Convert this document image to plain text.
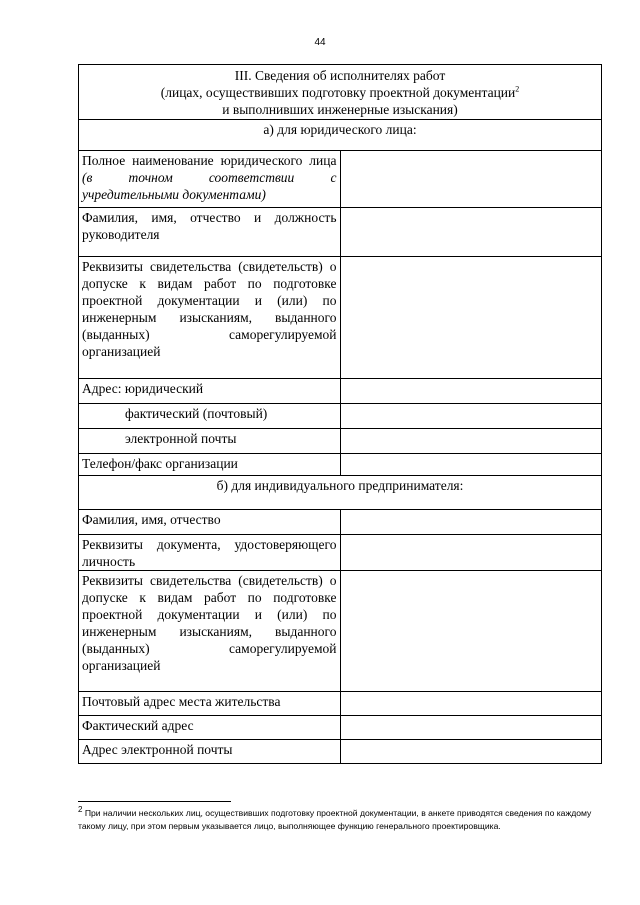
44
III. Сведения об исполнителях работ
(лицах, осуществивших подготовку проектной документации$^2$
и выполнивших инженерные изыскания)	
а) для юридического лица:	
Полное наименование юридического лица (в точном соответствии с учредительными документами)	
Фамилия, имя, отчество и должность руководителя	
Реквизиты свидетельства (свидетельств) о допуске к видам работ по подготовке проектной документации и (или) по инженерным изысканиям, выданного (выданных) саморегулируемой организацией	
Адрес: юридический	
фактический (почтовый)	
электронной почты	
Телефон/факс организации	
б) для индивидуального предпринимателя:	
Фамилия, имя, отчество	
Реквизиты документа, удостоверяющего личность	
Реквизиты свидетельства (свидетельств) о допуске к видам работ по подготовке проектной документации и (или) по инженерным изысканиям, выданного (выданных) саморегулируемой организацией	
Почтовый адрес места жительства	
Фактический адрес	
Адрес электронной почты	
$^2$ При наличии нескольких лиц, осуществивших подготовку проектной документации, в анкете приводятся сведения по каждому такому лицу, при этом первым указывается лицо, выполняющее функцию генерального проектировщика.
